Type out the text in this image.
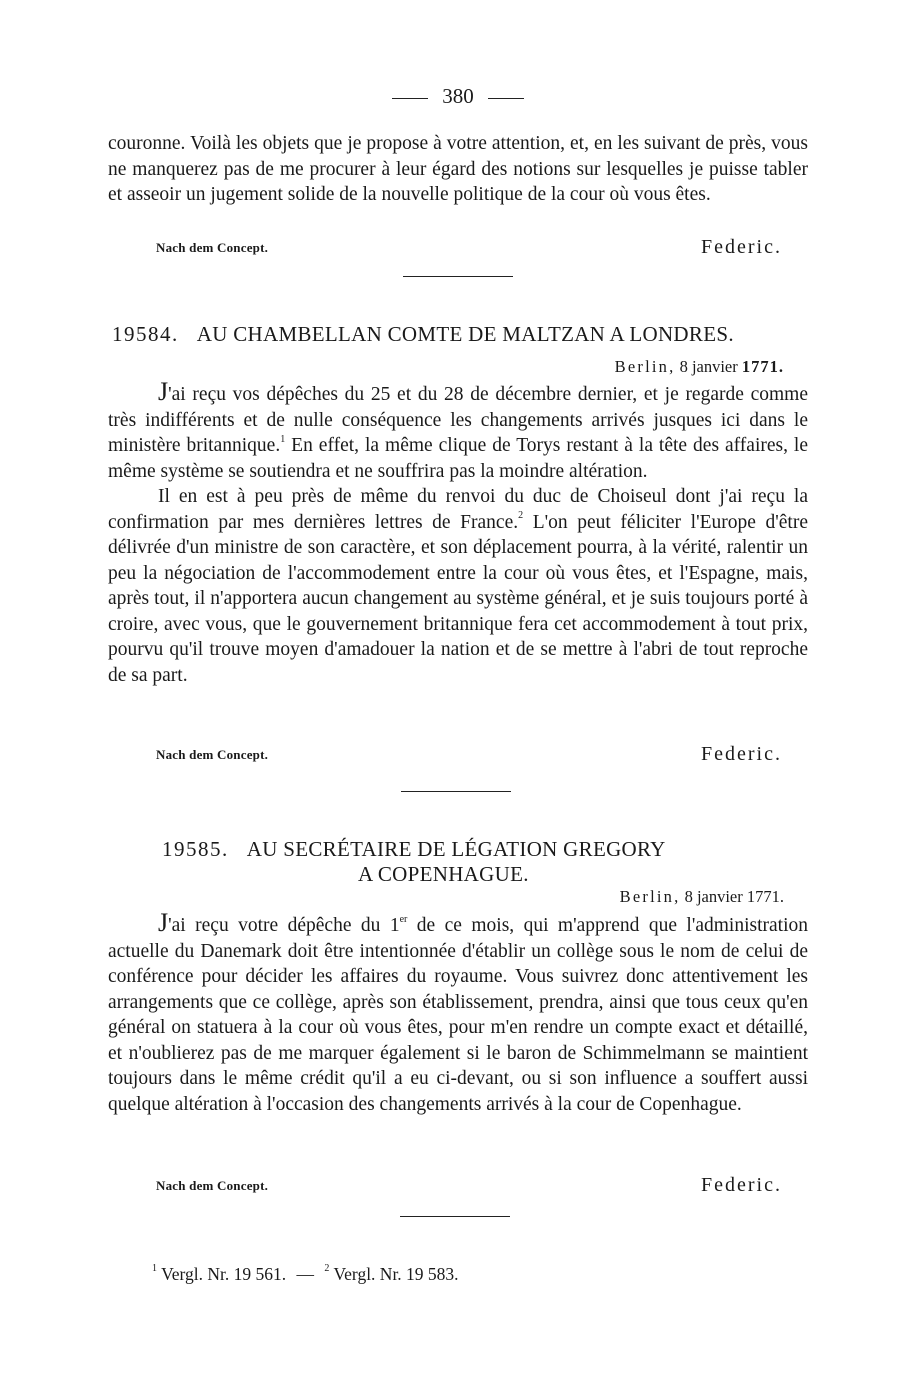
380

couronne. Voilà les objets que je propose à votre attention, et, en les suivant de près, vous ne manquerez pas de me procurer à leur égard des notions sur lesquelles je puisse tabler et asseoir un jugement solide de la nouvelle politique de la cour où vous êtes.

Nach dem Concept.	Federic.
19584. AU CHAMBELLAN COMTE DE MALTZAN A LONDRES.
Berlin, 8 janvier 1771.

J'ai reçu vos dépêches du 25 et du 28 de décembre dernier, et je regarde comme très indifférents et de nulle conséquence les changements arrivés jusques ici dans le ministère britannique.$^1$ En effet, la même clique de Torys restant à la tête des affaires, le même système se soutiendra et ne souffrira pas la moindre altération.

Il en est à peu près de même du renvoi du duc de Choiseul dont j'ai reçu la confirmation par mes dernières lettres de France.$^2$ L'on peut féliciter l'Europe d'être délivrée d'un ministre de son caractère, et son déplacement pourra, à la vérité, ralentir un peu la négociation de l'accommodement entre la cour où vous êtes, et l'Espagne, mais, après tout, il n'apportera aucun changement au système général, et je suis toujours porté à croire, avec vous, que le gouvernement britannique fera cet accommodement à tout prix, pourvu qu'il trouve moyen d'amadouer la nation et de se mettre à l'abri de tout reproche de sa part.

Nach dem Concept.	Federic.
19585. AU SECRÉTAIRE DE LÉGATION GREGORY
A COPENHAGUE.
Berlin, 8 janvier 1771.

J'ai reçu votre dépêche du 1er de ce mois, qui m'apprend que l'administration actuelle du Danemark doit être intentionnée d'établir un collège sous le nom de celui de conférence pour décider les affaires du royaume. Vous suivrez donc attentivement les arrangements que ce collège, après son établissement, prendra, ainsi que tous ceux qu'en général on statuera à la cour où vous êtes, pour m'en rendre un compte exact et détaillé, et n'oublierez pas de me marquer également si le baron de Schimmelmann se maintient toujours dans le même crédit qu'il a eu ci-devant, ou si son influence a souffert aussi quelque altération à l'occasion des changements arrivés à la cour de Copenhague.

Nach dem Concept.	Federic.
$^1$ Vergl. Nr. 19 561. — $^2$ Vergl. Nr. 19 583.
